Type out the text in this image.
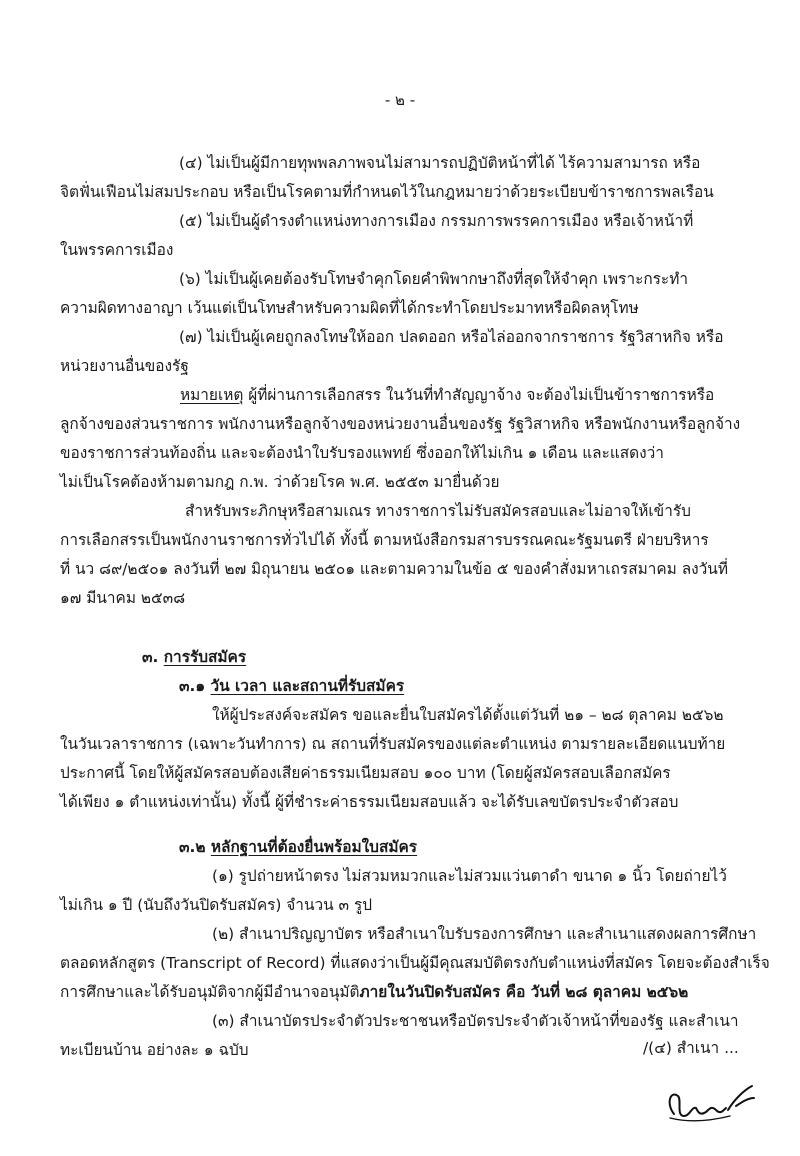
- ๒ -
(๔) ไม่เป็นผู้มีกายทุพพลภาพจนไม่สามารถปฏิบัติหน้าที่ได้ ไร้ความสามารถ หรือ
จิตฟั่นเฟือนไม่สมประกอบ หรือเป็นโรคตามที่กำหนดไว้ในกฎหมายว่าด้วยระเบียบข้าราชการพลเรือน
(๕) ไม่เป็นผู้ดำรงตำแหน่งทางการเมือง กรรมการพรรคการเมือง หรือเจ้าหน้าที่
ในพรรคการเมือง
(๖) ไม่เป็นผู้เคยต้องรับโทษจำคุกโดยคำพิพากษาถึงที่สุดให้จำคุก เพราะกระทำ
ความผิดทางอาญา เว้นแต่เป็นโทษสำหรับความผิดที่ได้กระทำโดยประมาทหรือผิดลหุโทษ
(๗) ไม่เป็นผู้เคยถูกลงโทษให้ออก ปลดออก หรือไล่ออกจากราชการ รัฐวิสาหกิจ หรือ
หน่วยงานอื่นของรัฐ
หมายเหตุ ผู้ที่ผ่านการเลือกสรร ในวันที่ทำสัญญาจ้าง จะต้องไม่เป็นข้าราชการหรือ
ลูกจ้างของส่วนราชการ พนักงานหรือลูกจ้างของหน่วยงานอื่นของรัฐ รัฐวิสาหกิจ หรือพนักงานหรือลูกจ้าง
ของราชการส่วนท้องถิ่น และจะต้องนำใบรับรองแพทย์ ซึ่งออกให้ไม่เกิน ๑ เดือน และแสดงว่า
ไม่เป็นโรคต้องห้ามตามกฎ ก.พ. ว่าด้วยโรค พ.ศ. ๒๕๕๓ มายื่นด้วย
สำหรับพระภิกษุหรือสามเณร ทางราชการไม่รับสมัครสอบและไม่อาจให้เข้ารับ
การเลือกสรรเป็นพนักงานราชการทั่วไปได้ ทั้งนี้ ตามหนังสือกรมสารบรรณคณะรัฐมนตรี ฝ่ายบริหาร
ที่ นว ๘๙/๒๕๐๑ ลงวันที่ ๒๗ มิถุนายน ๒๕๐๑ และตามความในข้อ ๕ ของคำสั่งมหาเถรสมาคม ลงวันที่
๑๗ มีนาคม ๒๕๓๘
๓. การรับสมัคร
๓.๑ วัน เวลา และสถานที่รับสมัคร
ให้ผู้ประสงค์จะสมัคร ขอและยื่นใบสมัครได้ตั้งแต่วันที่ ๒๑ – ๒๘ ตุลาคม ๒๕๖๒
ในวันเวลาราชการ (เฉพาะวันทำการ) ณ สถานที่รับสมัครของแต่ละตำแหน่ง ตามรายละเอียดแนบท้าย
ประกาศนี้ โดยให้ผู้สมัครสอบต้องเสียค่าธรรมเนียมสอบ ๑๐๐ บาท (โดยผู้สมัครสอบเลือกสมัคร
ได้เพียง ๑ ตำแหน่งเท่านั้น) ทั้งนี้ ผู้ที่ชำระค่าธรรมเนียมสอบแล้ว จะได้รับเลขบัตรประจำตัวสอบ
๓.๒ หลักฐานที่ต้องยื่นพร้อมใบสมัคร
(๑) รูปถ่ายหน้าตรง ไม่สวมหมวกและไม่สวมแว่นตาดำ ขนาด ๑ นิ้ว โดยถ่ายไว้
ไม่เกิน ๑ ปี (นับถึงวันปิดรับสมัคร) จำนวน ๓ รูป
(๒) สำเนาปริญญาบัตร หรือสำเนาใบรับรองการศึกษา และสำเนาแสดงผลการศึกษา
ตลอดหลักสูตร (Transcript of Record) ที่แสดงว่าเป็นผู้มีคุณสมบัติตรงกับตำแหน่งที่สมัคร โดยจะต้องสำเร็จ
การศึกษาและได้รับอนุมัติจากผู้มีอำนาจอนุมัติภายในวันปิดรับสมัคร คือ วันที่ ๒๘ ตุลาคม ๒๕๖๒
(๓) สำเนาบัตรประจำตัวประชาชนหรือบัตรประจำตัวเจ้าหน้าที่ของรัฐ และสำเนา
ทะเบียนบ้าน อย่างละ ๑ ฉบับ	/(๔) สำเนา ...
